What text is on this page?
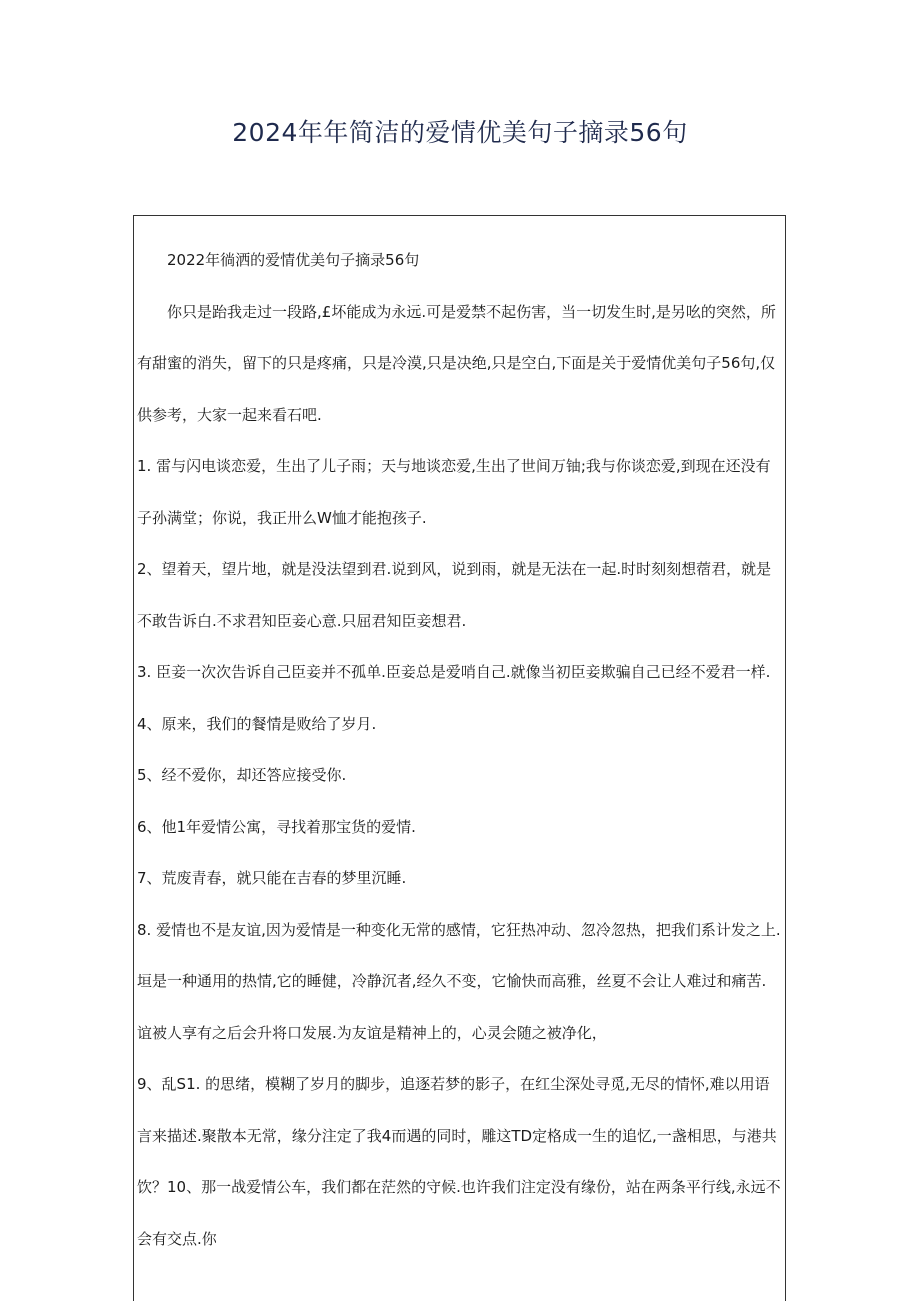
2024年年简洁的爱情优美句子摘录56句

2022年徜洒的爱情优美句子摘录56句

你只是跆我走过一段路,£坏能成为永远.可是爱禁不起伤害，当一切发生时,是另吆的突然，所有甜蜜的消失，留下的只是疼痛，只是冷漠,只是决绝,只是空白,下面是关于爱情优美句子56句,仅供参考，大家一起来看石吧.

1. 雷与闪电谈恋爱，生出了儿子雨；天与地谈恋爱,生出了世间万铀;我与你谈恋爱,到现在还没有子孙满堂；你说，我正卅么W恤才能抱孩子.

2、望着天，望片地，就是没法望到君.说到风，说到雨，就是无法在一起.时时刻刻想蓿君，就是不敢告诉白.不求君知臣妾心意.只屈君知臣妾想君.

3. 臣妾一次次告诉自己臣妾并不孤单.臣妾总是爱哨自己.就像当初臣妾欺骗自己已经不爱君一样.

4、原来，我们的餐情是败给了岁月.

5、经不爱你，却还答应接受你.

6、他1年爱情公寓，寻找着那宝货的爱情.

7、荒废青春，就只能在吉春的梦里沉睡.

8. 爱情也不是友谊,因为爱情是一种变化无常的感情，它狂热冲动、忽冷忽热，把我们系计发之上.垣是一种通用的热情,它的睡健，冷静沉者,经久不变，它愉快而高雅，丝夏不会让人难过和痛苦.谊被人享有之后会升将口发展.为友谊是精神上的，心灵会随之被净化，

9、乱S1. 的思绪，模糊了岁月的脚步，追逐若梦的影子，在红尘深处寻觅,无尽的情怀,难以用语言来描述.聚散本无常，缘分注定了我4而遇的同时，雕这TD定格成一生的追忆,一盏相思，与港共饮？10、那一战爱情公车，我们都在茫然的守候.也许我们注定没有缘份，站在两条平行线,永远不会有交点.你
